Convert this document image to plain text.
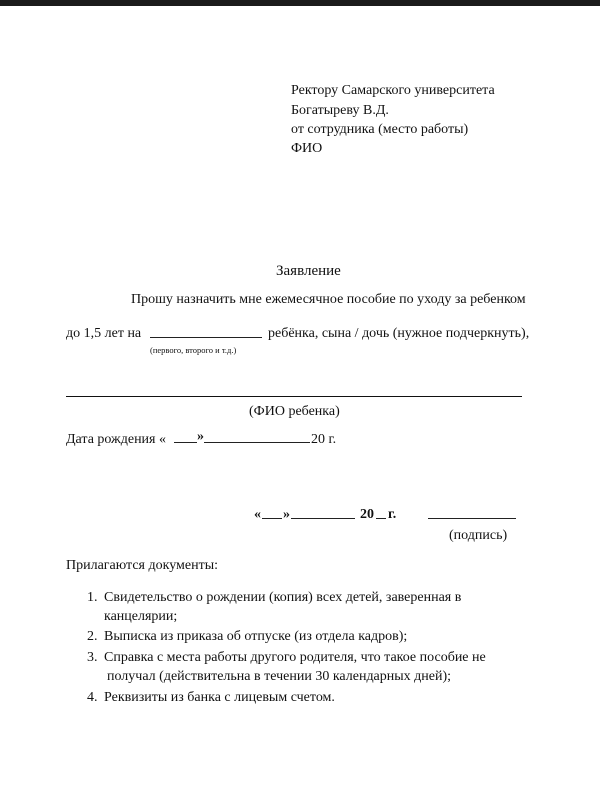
Ректору Самарского университета
Богатыреву В.Д.
от сотрудника (место работы)
ФИО
Заявление
Прошу назначить мне ежемесячное пособие по уходу за ребенком
до 1,5 лет на	ребёнка, сына / дочь (нужное подчеркнуть),
(первого, второго и т.д.)
(ФИО ребенка)
Дата рождения « »	20 г.
« »	20 г.
(подпись)
Прилагаются документы:
1. Свидетельство о рождении (копия) всех детей, заверенная в
канцелярии;
2. Выписка из приказа об отпуске (из отдела кадров);
3. Справка с места работы другого родителя, что такое пособие не
получал (действительна в течении 30 календарных дней);
4. Реквизиты из банка с лицевым счетом.
